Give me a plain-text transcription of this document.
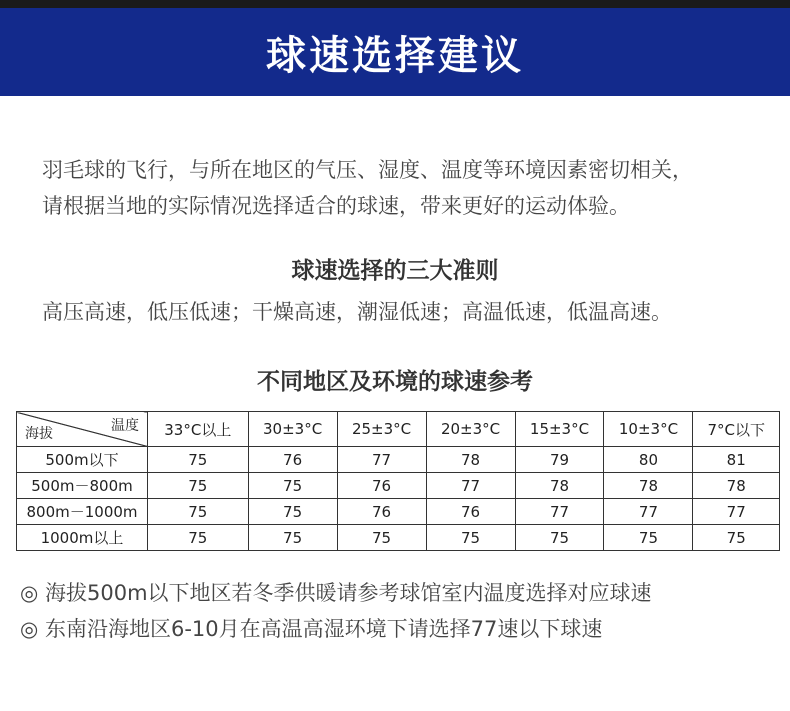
球速选择建议

羽毛球的飞行，与所在地区的气压、湿度、温度等环境因素密切相关，

请根据当地的实际情况选择适合的球速，带来更好的运动体验。

球速选择的三大准则
高压高速，低压低速；干燥高速，潮湿低速；高温低速，低温高速。
不同地区及环境的球速参考
温度
海拔	33°C以上	30±3°C	25±3°C	20±3°C	15±3°C	10±3°C	7°C以下
500m以下	75	76	77	78	79	80	81
500m－800m	75	75	76	77	78	78	78
800m－1000m	75	75	76	76	77	77	77
1000m以上	75	75	75	75	75	75	75

◎ 海拔500m以下地区若冬季供暖请参考球馆室内温度选择对应球速

◎ 东南沿海地区6-10月在高温高湿环境下请选择77速以下球速
